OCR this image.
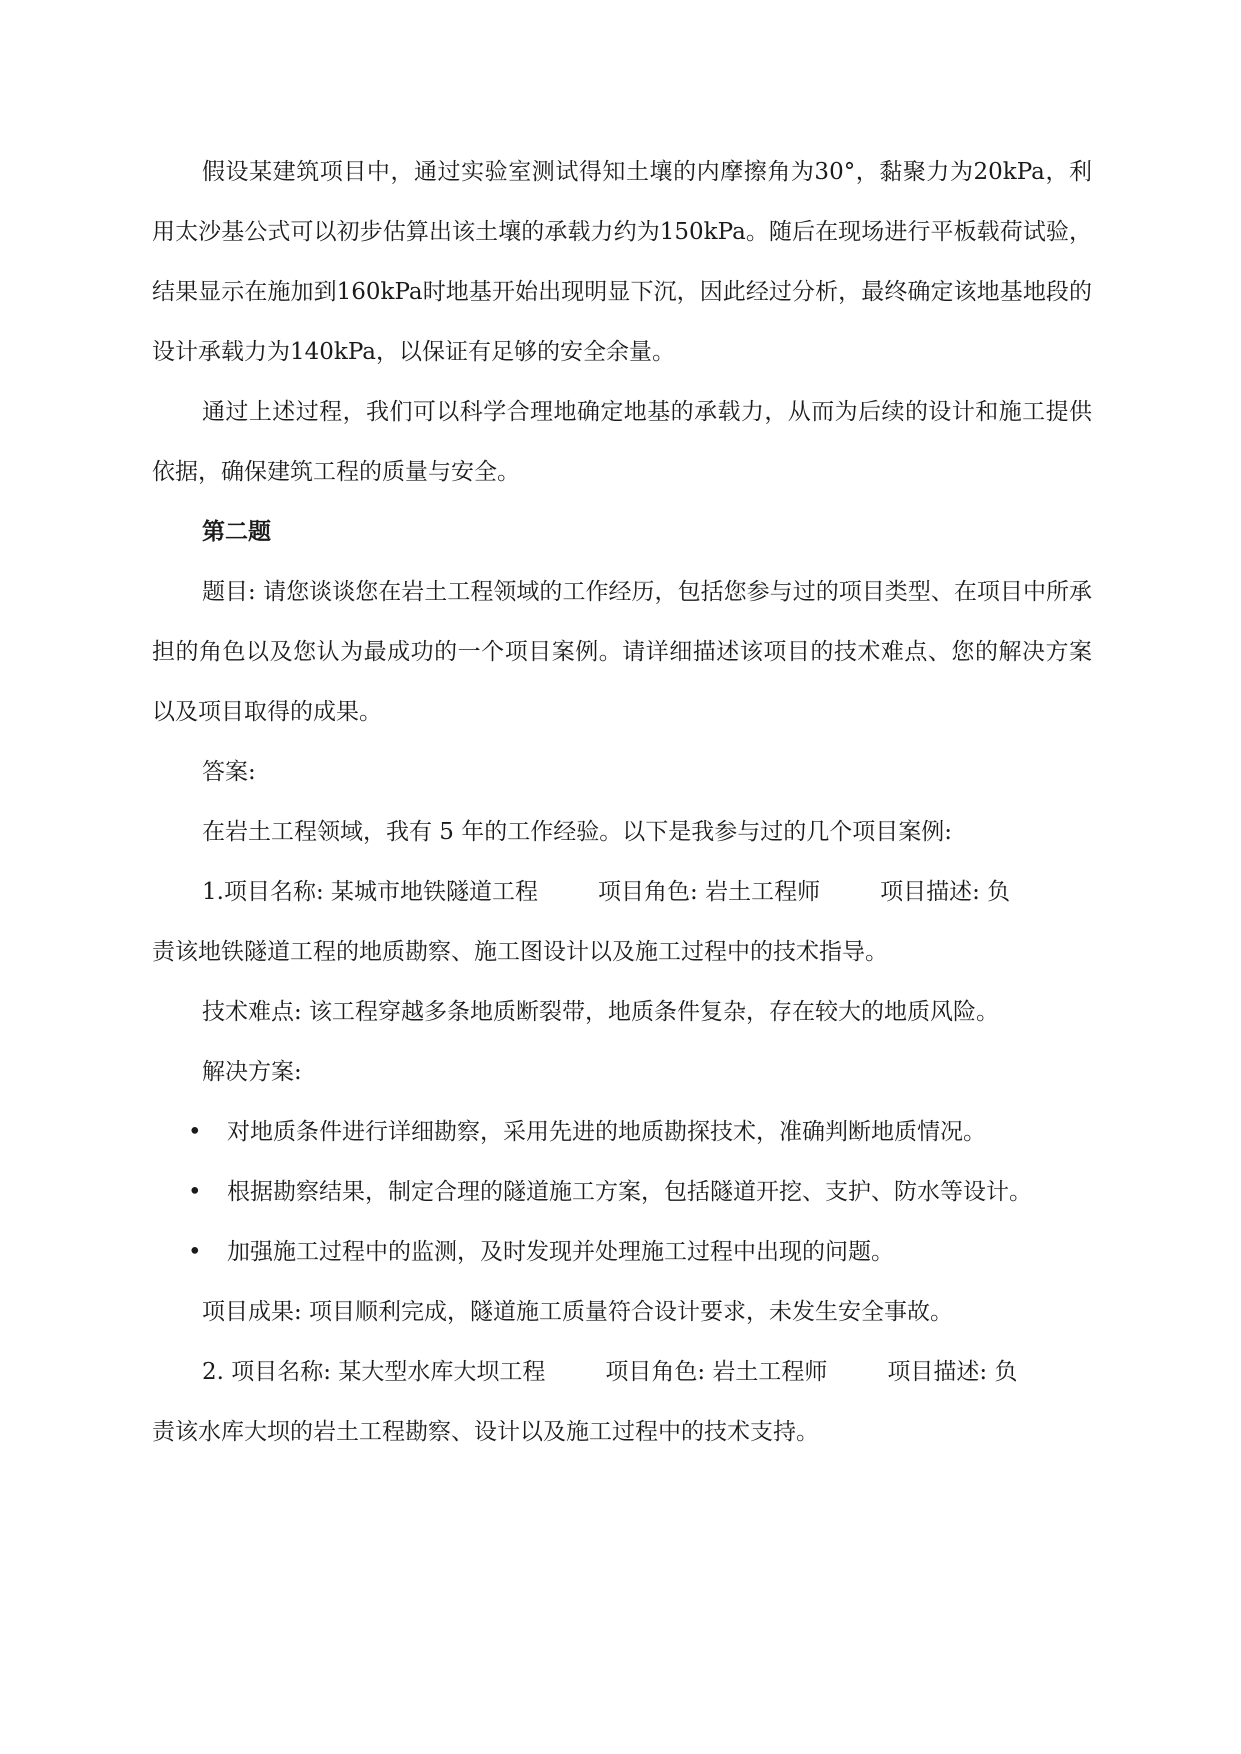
假设某建筑项目中，通过实验室测试得知土壤的内摩擦角为30°，黏聚力为20kPa，利用太沙基公式可以初步估算出该土壤的承载力约为150kPa。随后在现场进行平板载荷试验，结果显示在施加到160kPa时地基开始出现明显下沉，因此经过分析，最终确定该地基地段的设计承载力为140kPa，以保证有足够的安全余量。

通过上述过程，我们可以科学合理地确定地基的承载力，从而为后续的设计和施工提供依据，确保建筑工程的质量与安全。

第二题

题目: 请您谈谈您在岩土工程领域的工作经历，包括您参与过的项目类型、在项目中所承担的角色以及您认为最成功的一个项目案例。请详细描述该项目的技术难点、您的解决方案以及项目取得的成果。

答案:

在岩土工程领域，我有 5 年的工作经验。以下是我参与过的几个项目案例:

1.项目名称: 某城市地铁隧道工程	项目角色: 岩土工程师	项目描述: 负

责该地铁隧道工程的地质勘察、施工图设计以及施工过程中的技术指导。

技术难点: 该工程穿越多条地质断裂带，地质条件复杂，存在较大的地质风险。

解决方案:

• 对地质条件进行详细勘察，采用先进的地质勘探技术，准确判断地质情况。
• 根据勘察结果，制定合理的隧道施工方案，包括隧道开挖、支护、防水等设计。
• 加强施工过程中的监测，及时发现并处理施工过程中出现的问题。

项目成果: 项目顺利完成，隧道施工质量符合设计要求，未发生安全事故。

2. 项目名称: 某大型水库大坝工程	项目角色: 岩土工程师	项目描述: 负

责该水库大坝的岩土工程勘察、设计以及施工过程中的技术支持。
